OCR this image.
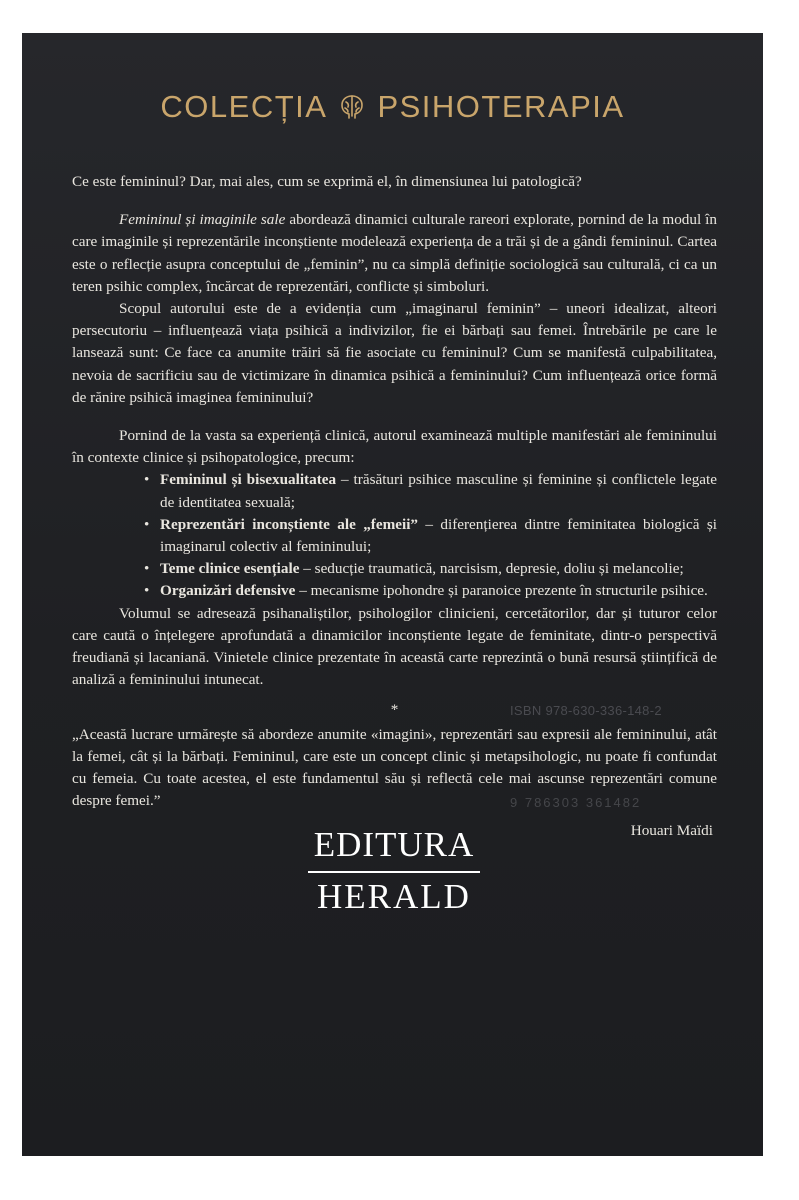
COLECȚIA PSIHOTERAPIA

Ce este femininul? Dar, mai ales, cum se exprimă el, în dimensiunea lui patologică?

Femininul și imaginile sale abordează dinamici culturale rareori explorate, pornind de la modul în care imaginile și reprezentările inconștiente modelează experiența de a trăi și de a gândi femininul. Cartea este o reflecție asupra conceptului de „feminin”, nu ca simplă definiție sociologică sau culturală, ci ca un teren psihic complex, încărcat de reprezentări, conflicte și simboluri.

Scopul autorului este de a evidenția cum „imaginarul feminin” – uneori idealizat, alteori persecutoriu – influențează viața psihică a indivizilor, fie ei bărbați sau femei. Întrebările pe care le lansează sunt: Ce face ca anumite trăiri să fie asociate cu femininul? Cum se manifestă culpabilitatea, nevoia de sacrificiu sau de victimizare în dinamica psihică a femininului? Cum influențează orice formă de rănire psihică imaginea femininului?

Pornind de la vasta sa experiență clinică, autorul examinează multiple manifestări ale femininului în contexte clinice și psihopatologice, precum:

• Femininul și bisexualitatea – trăsături psihice masculine și feminine și conflictele legate de identitatea sexuală;
• Reprezentări inconștiente ale „femeii” – diferențierea dintre feminitatea biologică și imaginarul colectiv al femininului;
• Teme clinice esențiale – seducție traumatică, narcisism, depresie, doliu și melancolie;
• Organizări defensive – mecanisme ipohondre și paranoice prezente în structurile psihice.

Volumul se adresează psihanaliștilor, psihologilor clinicieni, cercetătorilor, dar și tuturor celor care caută o înțelegere aprofundată a dinamicilor inconștiente legate de feminitate, dintr-o perspectivă freudiană și lacaniană. Vinietele clinice prezentate în această carte reprezintă o bună resursă științifică de analiză a femininului intunecat.

*

„Această lucrare urmărește să abordeze anumite «imagini», reprezentări sau expresii ale femininului, atât la femei, cât și la bărbați. Femininul, care este un concept clinic și metapsihologic, nu poate fi confundat cu femeia. Cu toate acestea, el este fundamentul său și reflectă cele mai ascunse reprezentări comune despre femei.”

Houari Maïdi

ISBN 978-630-336-148-2
9 786303 361482
EDITURA
HERALD
